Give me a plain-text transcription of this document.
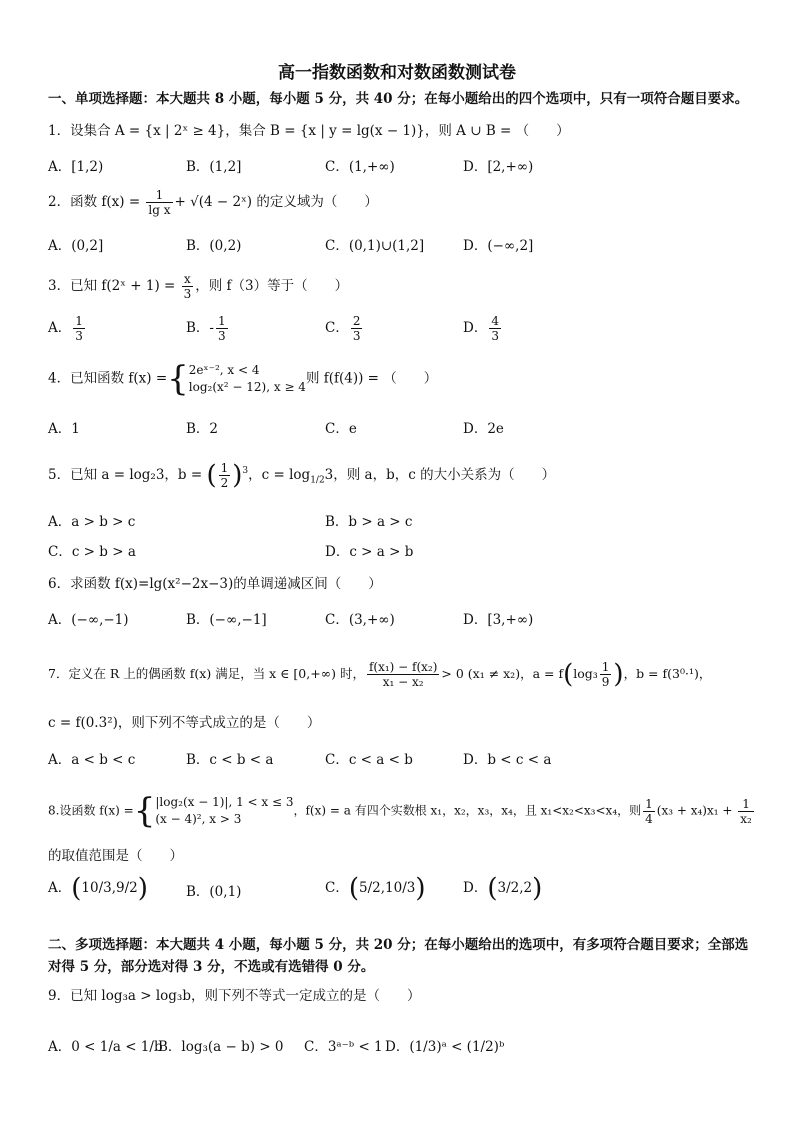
高一指数函数和对数函数测试卷
一、单项选择题：本大题共 8 小题，每小题 5 分，共 40 分；在每小题给出的四个选项中，只有一项符合题目要求。
1．设集合 A = {x | 2ˣ ≥ 4}，集合 B = {x | y = lg(x − 1)}，则 A ∪ B = （　　）
A．[1,2)	B．(1,2]	C．(1,+∞)	D．[2,+∞)
2．函数 $f(x) = \frac{1}{\text{lg x}} + √(4$ − 2ˣ) 的定义域为（　　）
A．(0,2]	B．(0,2)	C．(0,1)∪(1,2]	D．(−∞,2]
3．已知 f(2ˣ + $1) = \frac{x}{3}$ ，则 f（3）等于（　　）
A． $\frac{1}{3}$	B．- $\frac{1}{3}$	C． $\frac{2}{3}$	D． $\frac{4}{3}$
4．已知函数 f(x) ={ 2eˣ⁻², x < 4
log₂(x² − 12), x ≥ 4
则 f(f(4)) = （　　）
A．1	B．2	C．e	D．2e
5．已知 a = log₂3，b = ( $\frac{1}{2} )^3$，$c = \log_{1/2}3$，则 a，b，c 的大小关系为（　　）
A．a > b > c	B．b > a > c
C．c > b > a	D．c > a > b
6．求函数 f(x)=lg(x²−2x−3)的单调递减区间（　　）
A．(−∞,−1)	B．(−∞,−1]	C．(3,+∞)	D．[3,+∞)
7．定义在 R 上的偶函数 f(x) 满足，当 x ∈ [0,+∞) 时， $\frac{\text{f(x₁) − f(x₂)}}{\text{x₁ − x₂}} > 0$ (x₁ ≠ x₂)，$a = f(\log_3 \frac{1}{9}$ )，b = f(3⁰·¹)，
c = f(0.3²)，则下列不等式成立的是（　　）
A．a < b < c	B．c < b < a	C．c < a < b	D．b < c < a
8.设函数 f(x) ={ |log₂(x − 1)|, 1 < x ≤ 3
(x − 4)², x > 3
，f(x) = a 有四个实数根 x₁，x₂，x₃，x₄，且 x₁<x₂<x₃<x₄，则 $\frac{1}{4} (x_3 + x_4)x_1 + \frac{1}{\text{x₂}}$
的取值范围是（　　）
A．(10/3,9/2)	B．(0,1)	C．(5/2,10/3)	D．(3/2,2)
二、多项选择题：本大题共 4 小题，每小题 5 分，共 20 分；在每小题给出的选项中，有多项符合题目要求；全部选对得 5 分，部分选对得 3 分，不选或有选错得 0 分。
9．已知 log₃a > log₃b，则下列不等式一定成立的是（　　）
A．0 < 1/a < 1/b
B．log₃(a − b) > 0 C．3ᵃ⁻ᵇ < 1 D．(1/3)ᵃ < (1/2)ᵇ
